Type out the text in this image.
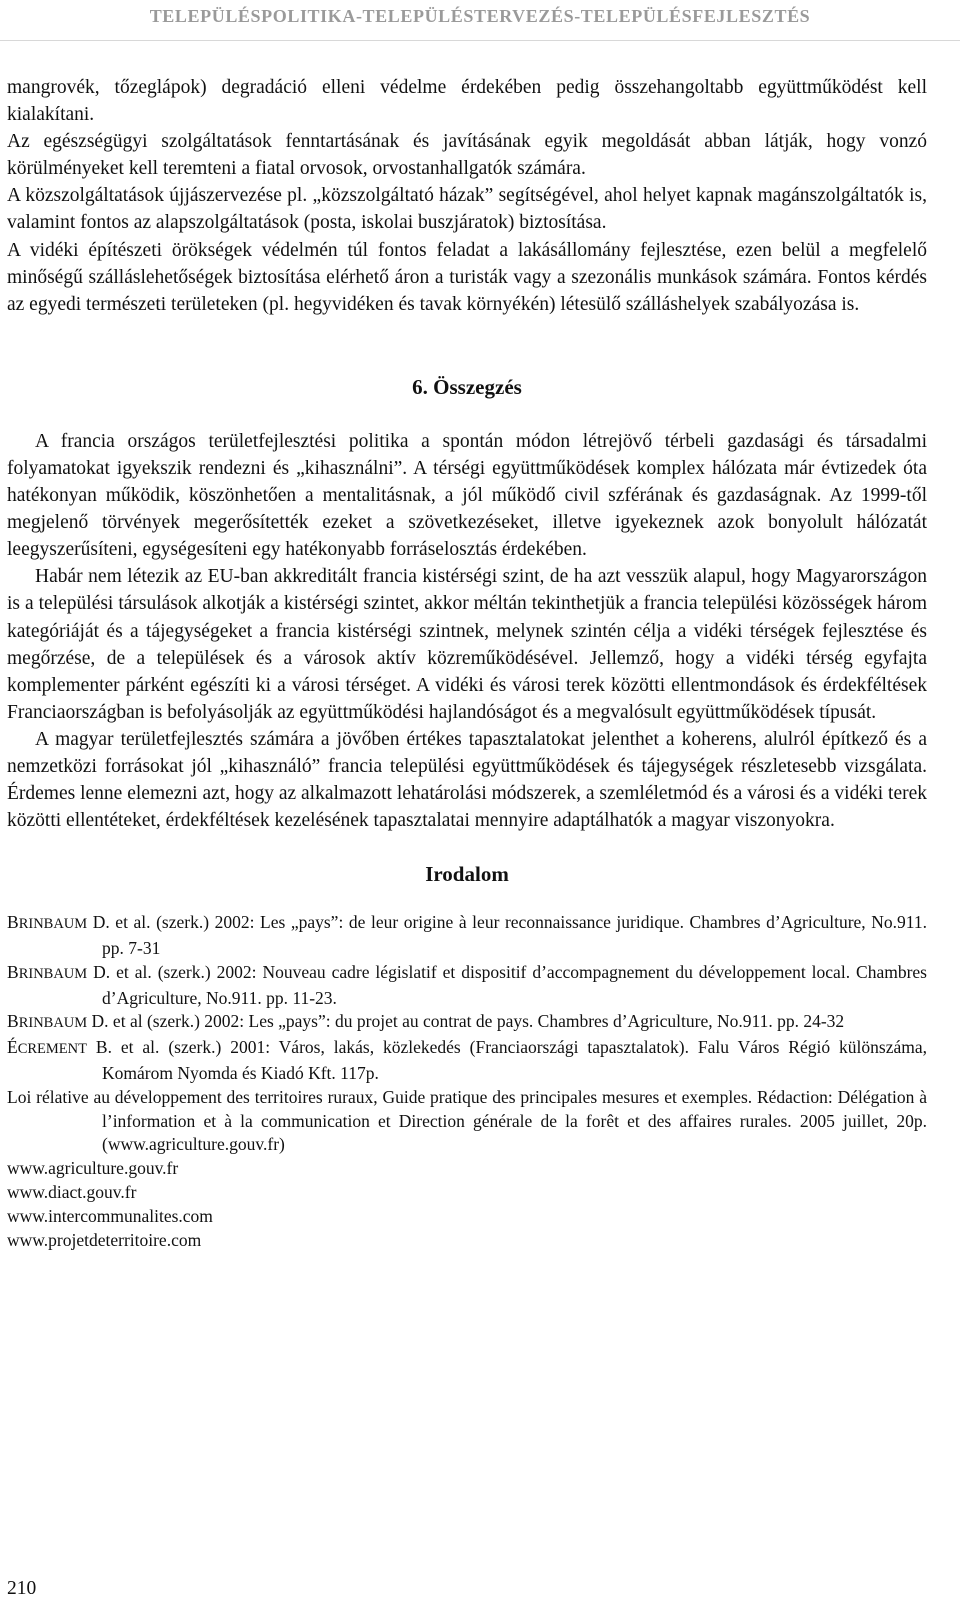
TELEPÜLÉSPOLITIKA-TELEPÜLÉSTERVEZÉS-TELEPÜLÉSFEJLESZTÉS

mangrovék, tőzeglápok) degradáció elleni védelme érdekében pedig összehangoltabb együttműködést kell kialakítani.

Az egészségügyi szolgáltatások fenntartásának és javításának egyik megoldását abban látják, hogy vonzó körülményeket kell teremteni a fiatal orvosok, orvostanhallgatók számára.

A közszolgáltatások újjászervezése pl. „közszolgáltató házak” segítségével, ahol helyet kapnak magánszolgáltatók is, valamint fontos az alapszolgáltatások (posta, iskolai buszjáratok) biztosítása.

A vidéki építészeti örökségek védelmén túl fontos feladat a lakásállomány fejlesztése, ezen belül a megfelelő minőségű szálláslehetőségek biztosítása elérhető áron a turisták vagy a szezonális munkások számára. Fontos kérdés az egyedi természeti területeken (pl. hegyvidéken és tavak környékén) létesülő szálláshelyek szabályozása is.

6. Összegzés

A francia országos területfejlesztési politika a spontán módon létrejövő térbeli gazdasági és társadalmi folyamatokat igyekszik rendezni és „kihasználni”. A térségi együttműködések komplex hálózata már évtizedek óta hatékonyan működik, köszönhetően a mentalitásnak, a jól működő civil szférának és gazdaságnak. Az 1999-től megjelenő törvények megerősítették ezeket a szövetkezéseket, illetve igyekeznek azok bonyolult hálózatát leegyszerűsíteni, egységesíteni egy hatékonyabb forráselosztás érdekében.

Habár nem létezik az EU-ban akkreditált francia kistérségi szint, de ha azt vesszük alapul, hogy Magyarországon is a települési társulások alkotják a kistérségi szintet, akkor méltán tekinthetjük a francia települési közösségek három kategóriáját és a tájegységeket a francia kistérségi szintnek, melynek szintén célja a vidéki térségek fejlesztése és megőrzése, de a települések és a városok aktív közreműködésével. Jellemző, hogy a vidéki térség egyfajta komplementer párként egészíti ki a városi térséget. A vidéki és városi terek közötti ellentmondások és érdekféltések Franciaországban is befolyásolják az együttműködési hajlandóságot és a megvalósult együttműködések típusát.

A magyar területfejlesztés számára a jövőben értékes tapasztalatokat jelenthet a koherens, alulról építkező és a nemzetközi forrásokat jól „kihasználó” francia települési együttműködések és tájegységek részletesebb vizsgálata. Érdemes lenne elemezni azt, hogy az alkalmazott lehatárolási módszerek, a szemléletmód és a városi és a vidéki terek közötti ellentéteket, érdekféltések kezelésének tapasztalatai mennyire adaptálhatók a magyar viszonyokra.

Irodalom

BRINBAUM D. et al. (szerk.) 2002: Les „pays”: de leur origine à leur reconnaissance juridique. Chambres d’Agriculture, No.911. pp. 7-31

BRINBAUM D. et al. (szerk.) 2002: Nouveau cadre législatif et dispositif d’accompagnement du développement local. Chambres d’Agriculture, No.911. pp. 11-23.

BRINBAUM D. et al (szerk.) 2002: Les „pays”: du projet au contrat de pays. Chambres d’Agriculture, No.911. pp. 24-32

ÉCREMENT B. et al. (szerk.) 2001: Város, lakás, közlekedés (Franciaországi tapasztalatok). Falu Város Régió különszáma, Komárom Nyomda és Kiadó Kft. 117p.

Loi rélative au développement des territoires ruraux, Guide pratique des principales mesures et exemples. Rédaction: Délégation à l’information et à la communication et Direction générale de la forêt et des affaires rurales. 2005 juillet, 20p. (www.agriculture.gouv.fr)

www.agriculture.gouv.fr

www.diact.gouv.fr

www.intercommunalites.com

www.projetdeterritoire.com

210
